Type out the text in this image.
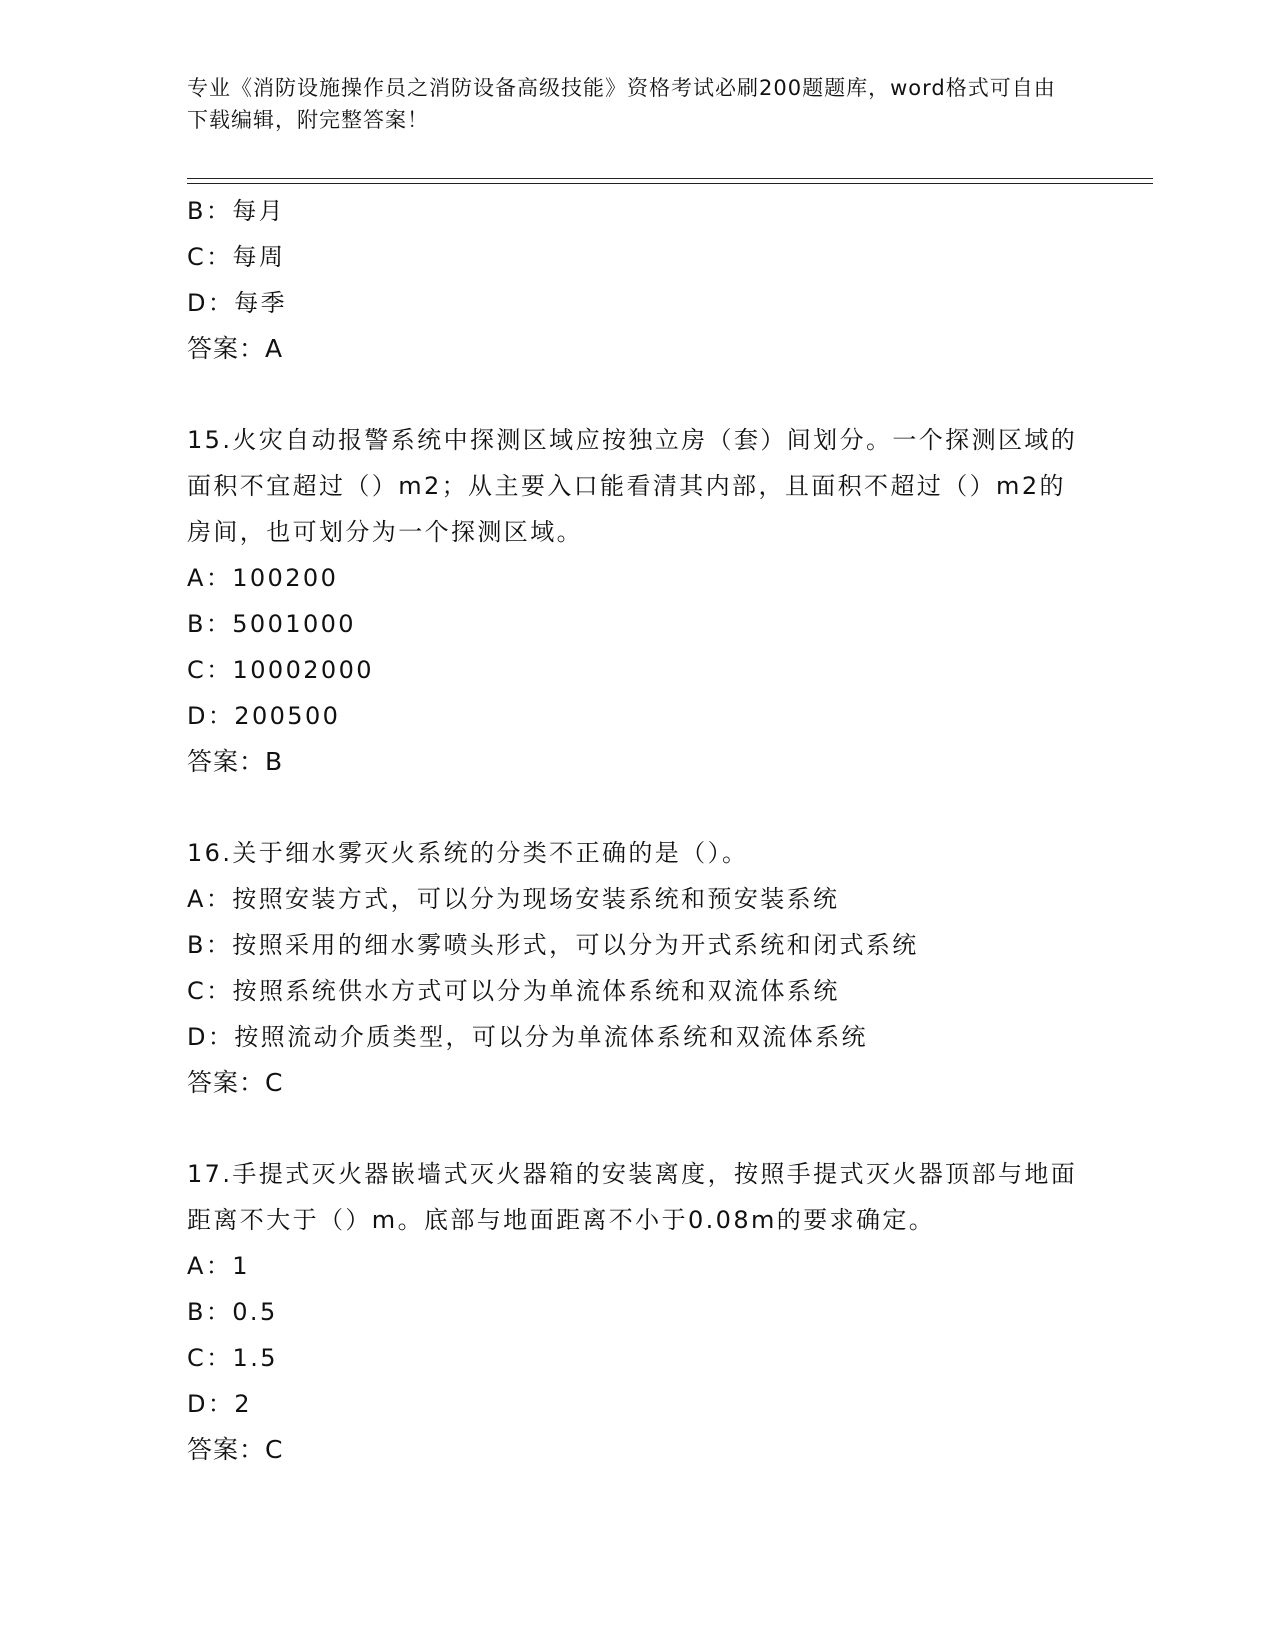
专业《消防设施操作员之消防设备高级技能》资格考试必刷200题题库，word格式可自由下载编辑，附完整答案！
B：每月
C：每周
D：每季
答案：A
15.火灾自动报警系统中探测区域应按独立房（套）间划分。一个探测区域的面积不宜超过（）m2；从主要入口能看清其内部，且面积不超过（）m2的房间，也可划分为一个探测区域。
A：100200
B：5001000
C：10002000
D：200500
答案：B
16.关于细水雾灭火系统的分类不正确的是（）。
A：按照安装方式，可以分为现场安装系统和预安装系统
B：按照采用的细水雾喷头形式，可以分为开式系统和闭式系统
C：按照系统供水方式可以分为单流体系统和双流体系统
D：按照流动介质类型，可以分为单流体系统和双流体系统
答案：C
17.手提式灭火器嵌墙式灭火器箱的安装离度，按照手提式灭火器顶部与地面距离不大于（）m。底部与地面距离不小于0.08m的要求确定。
A：1
B：0.5
C：1.5
D：2
答案：C
